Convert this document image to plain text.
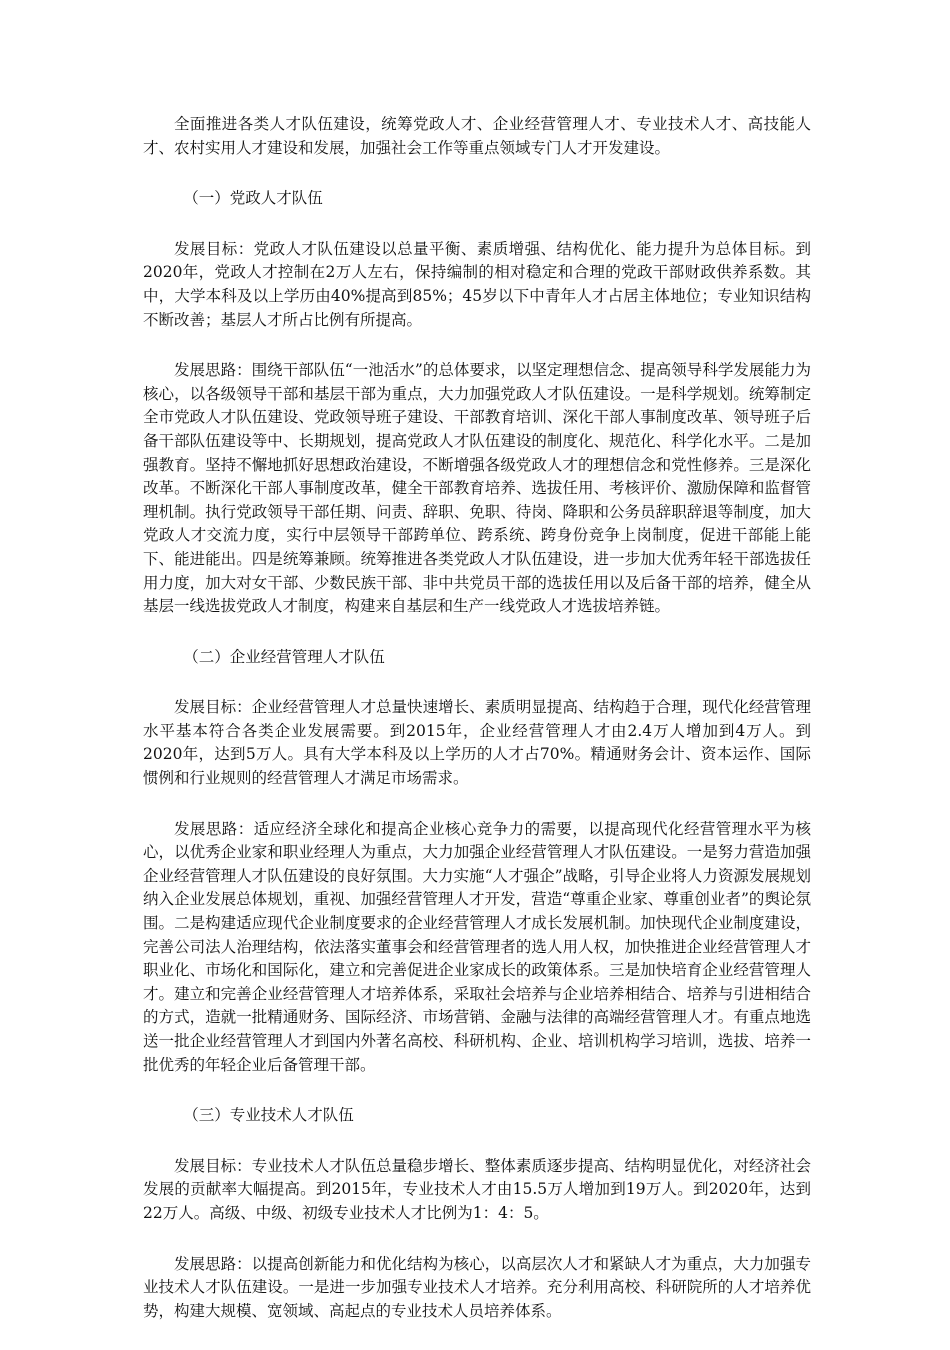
全面推进各类人才队伍建设，统筹党政人才、企业经营管理人才、专业技术人才、高技能人才、农村实用人才建设和发展，加强社会工作等重点领域专门人才开发建设。

（一）党政人才队伍

发展目标：党政人才队伍建设以总量平衡、素质增强、结构优化、能力提升为总体目标。到2020年，党政人才控制在2万人左右，保持编制的相对稳定和合理的党政干部财政供养系数。其中，大学本科及以上学历由40%提高到85%；45岁以下中青年人才占居主体地位；专业知识结构不断改善；基层人才所占比例有所提高。

发展思路：围绕干部队伍“一池活水”的总体要求，以坚定理想信念、提高领导科学发展能力为核心，以各级领导干部和基层干部为重点，大力加强党政人才队伍建设。一是科学规划。统筹制定全市党政人才队伍建设、党政领导班子建设、干部教育培训、深化干部人事制度改革、领导班子后备干部队伍建设等中、长期规划，提高党政人才队伍建设的制度化、规范化、科学化水平。二是加强教育。坚持不懈地抓好思想政治建设，不断增强各级党政人才的理想信念和党性修养。三是深化改革。不断深化干部人事制度改革，健全干部教育培养、选拔任用、考核评价、激励保障和监督管理机制。执行党政领导干部任期、问责、辞职、免职、待岗、降职和公务员辞职辞退等制度，加大党政人才交流力度，实行中层领导干部跨单位、跨系统、跨身份竞争上岗制度，促进干部能上能下、能进能出。四是统筹兼顾。统筹推进各类党政人才队伍建设，进一步加大优秀年轻干部选拔任用力度，加大对女干部、少数民族干部、非中共党员干部的选拔任用以及后备干部的培养，健全从基层一线选拔党政人才制度，构建来自基层和生产一线党政人才选拔培养链。

（二）企业经营管理人才队伍

发展目标：企业经营管理人才总量快速增长、素质明显提高、结构趋于合理，现代化经营管理水平基本符合各类企业发展需要。到2015年，企业经营管理人才由2.4万人增加到4万人。到2020年，达到5万人。具有大学本科及以上学历的人才占70%。精通财务会计、资本运作、国际惯例和行业规则的经营管理人才满足市场需求。

发展思路：适应经济全球化和提高企业核心竞争力的需要，以提高现代化经营管理水平为核心，以优秀企业家和职业经理人为重点，大力加强企业经营管理人才队伍建设。一是努力营造加强企业经营管理人才队伍建设的良好氛围。大力实施“人才强企”战略，引导企业将人力资源发展规划纳入企业发展总体规划，重视、加强经营管理人才开发，营造“尊重企业家、尊重创业者”的舆论氛围。二是构建适应现代企业制度要求的企业经营管理人才成长发展机制。加快现代企业制度建设，完善公司法人治理结构，依法落实董事会和经营管理者的选人用人权，加快推进企业经营管理人才职业化、市场化和国际化，建立和完善促进企业家成长的政策体系。三是加快培育企业经营管理人才。建立和完善企业经营管理人才培养体系，采取社会培养与企业培养相结合、培养与引进相结合的方式，造就一批精通财务、国际经济、市场营销、金融与法律的高端经营管理人才。有重点地选送一批企业经营管理人才到国内外著名高校、科研机构、企业、培训机构学习培训，选拔、培养一批优秀的年轻企业后备管理干部。

（三）专业技术人才队伍

发展目标：专业技术人才队伍总量稳步增长、整体素质逐步提高、结构明显优化，对经济社会发展的贡献率大幅提高。到2015年，专业技术人才由15.5万人增加到19万人。到2020年，达到22万人。高级、中级、初级专业技术人才比例为1：4：5。

发展思路：以提高创新能力和优化结构为核心，以高层次人才和紧缺人才为重点，大力加强专业技术人才队伍建设。一是进一步加强专业技术人才培养。充分利用高校、科研院所的人才培养优势，构建大规模、宽领域、高起点的专业技术人员培养体系。
